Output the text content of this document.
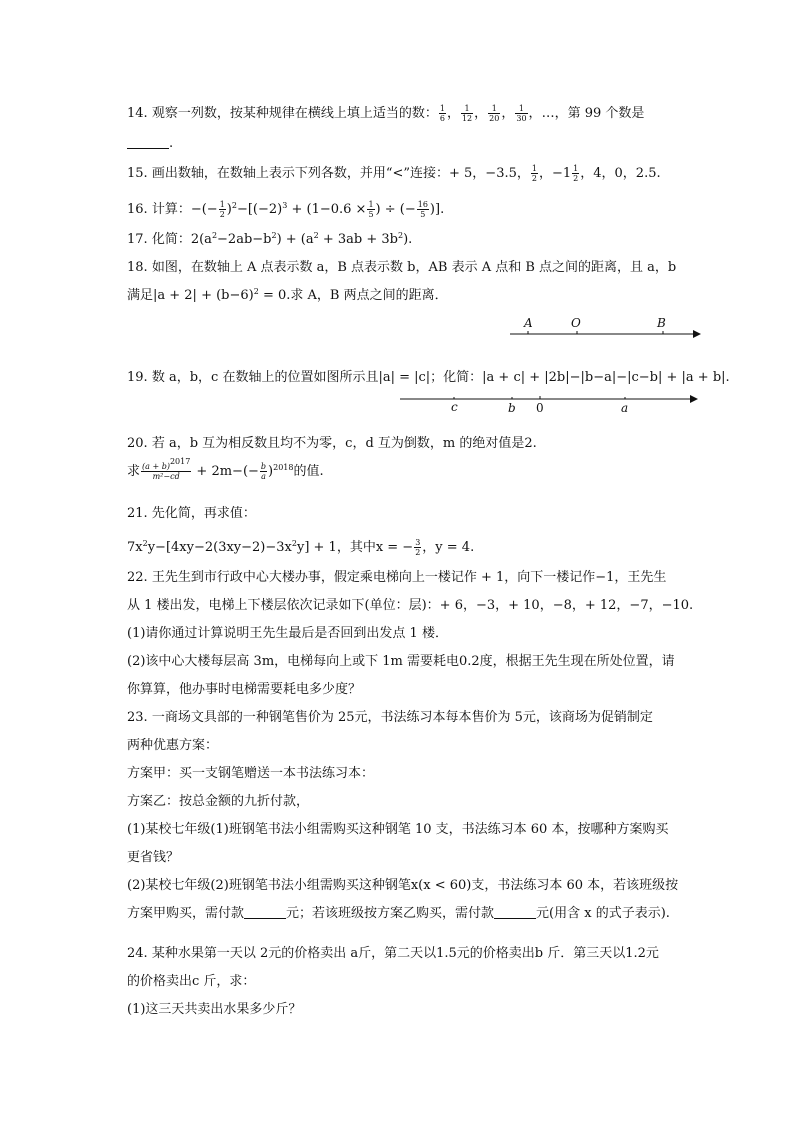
14. 观察一列数，按某种规律在横线上填上适当的数： $\frac{1}{6}$ ， $\frac{1}{12}$ ， $\frac{1}{20}$ ， $\frac{1}{30}$ ，…，第 99 个数是
.
15. 画出数轴，在数轴上表示下列各数，并用“<”连接：+ 5，−3.5， $\frac{1}{2}$ ，$-1 \frac{1}{2}$ ，4，0，2.5.
16. 计算：−(− $\frac{1}{2} )^2-[(-2)^3 + (1-0.6 \times \frac{1}{5}$ ) ÷ (− $\frac{16}{5}$ )].
17. 化简：$2(a^2-2ab-b^2) + (a^2 + 3ab + 3b^2)$.
18. 如图，在数轴上 A 点表示数 a，B 点表示数 b，AB 表示 A 点和 B 点之间的距离，且 a，b
满足$|a + 2| + (b-6)^2 = 0$.求 A，B 两点之间的距离．
A	O	B
19. 数 a，b，c 在数轴上的位置如图所示且|a| = |c|；化简：|a + c| + |2b|−|b−a|−|c−b| + |a + b|.
c	b 0	a
20. 若 a，b 互为相反数且均不为零，c，d 互为倒数，m 的绝对值是2.
求 $\frac{(a + b)^{2017}}{\text{m²−cd}} + 2m-(- \frac{b}{a} )^{2018}$的值.
21. 先化简，再求值：
$7x^2y-[4xy-2(3xy-2)-3x^2y] + 1$，其中x = − $\frac{3}{2}$ ，y = 4.
22. 王先生到市行政中心大楼办事，假定乘电梯向上一楼记作 + 1，向下一楼记作−1，王先生
从 1 楼出发，电梯上下楼层依次记录如下(单位：层)：+ 6，−3，+ 10，−8，+ 12，−7，−10.
(1)请你通过计算说明王先生最后是否回到出发点 1 楼．
(2)该中心大楼每层高 3m，电梯每向上或下 1m 需要耗电0.2度，根据王先生现在所处位置，请
你算算，他办事时电梯需要耗电多少度？
23. 一商场文具部的一种钢笔售价为 25元，书法练习本每本售价为 5元，该商场为促销制定
两种优惠方案：
方案甲：买一支钢笔赠送一本书法练习本：
方案乙：按总金额的九折付款，
(1)某校七年级(1)班钢笔书法小组需购买这种钢笔 10 支，书法练习本 60 本，按哪种方案购买
更省钱？
(2)某校七年级(2)班钢笔书法小组需购买这种钢笔x(x < 60)支，书法练习本 60 本，若该班级按
方案甲购买，需付款	元；若该班级按方案乙购买，需付款	元(用含 x 的式子表示).
24. 某种水果第一天以 2元的价格卖出 a斤，第二天以1.5元的价格卖出b 斤．第三天以1.2元
的价格卖出c 斤，求：
(1)这三天共卖出水果多少斤？
